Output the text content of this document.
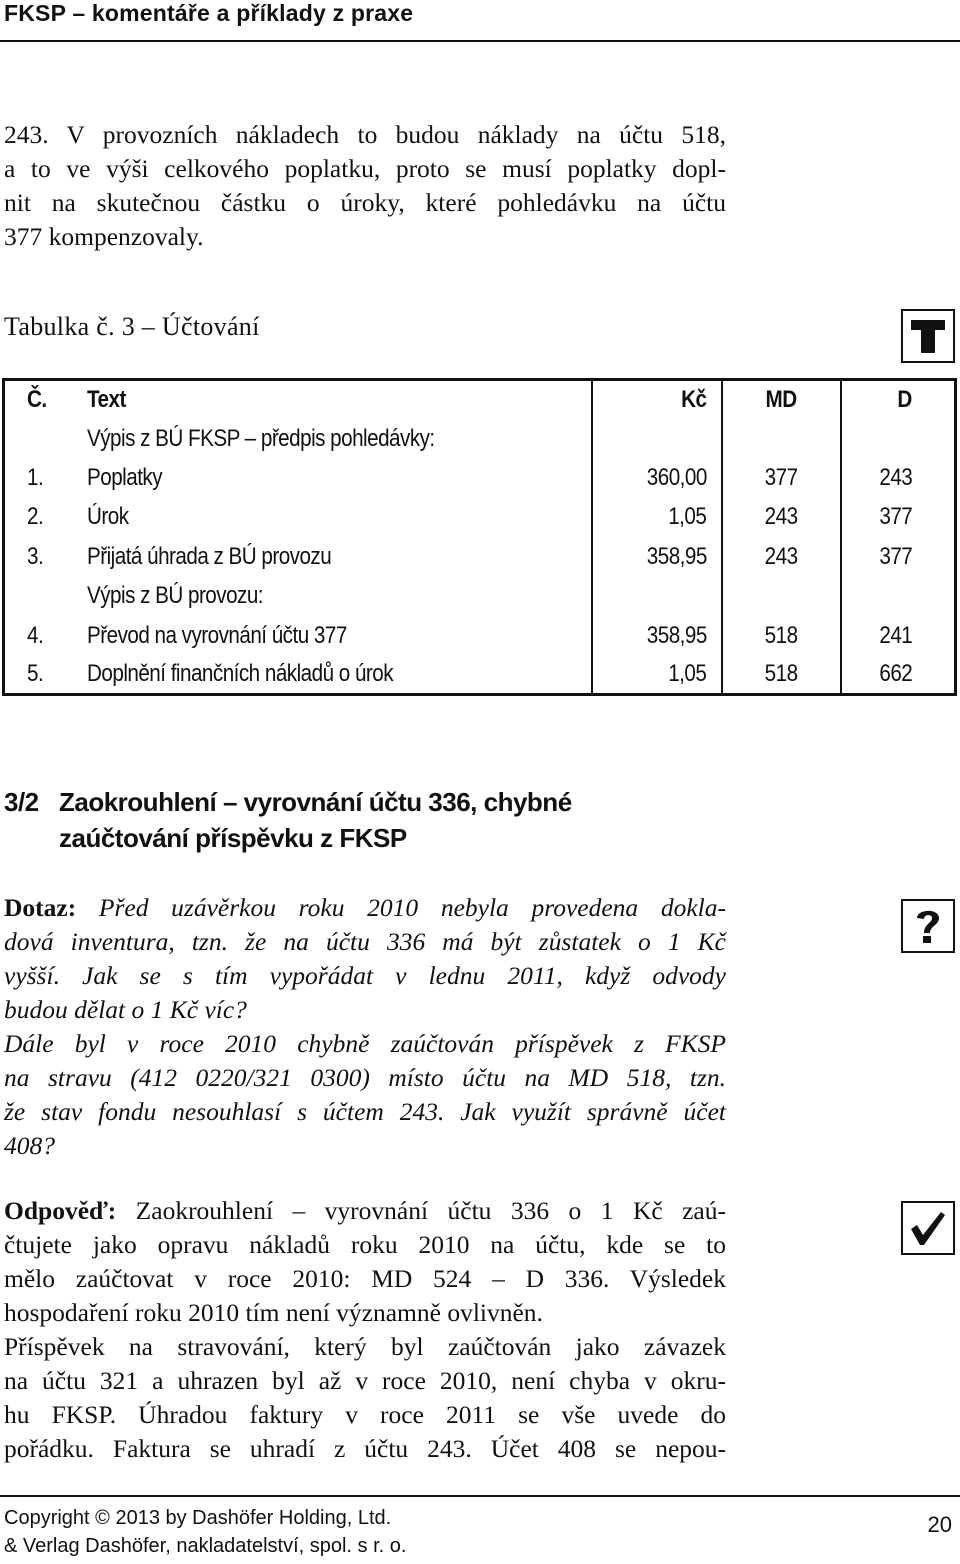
FKSP – komentáře a příklady z praxe
243. V provozních nákladech to budou náklady na účtu 518,
a to ve výši celkového poplatku, proto se musí poplatky dopl-
nit na skutečnou částku o úroky, které pohledávku na účtu
377 kompenzovaly.
Tabulka č. 3 – Účtování
Č.	Text	Kč	MD	D
	Výpis z BÚ FKSP – předpis pohledávky:			
1.	Poplatky	360,00	377	243
2.	Úrok	1,05	243	377
3.	Přijatá úhrada z BÚ provozu	358,95	243	377
	Výpis z BÚ provozu:			
4.	Převod na vyrovnání účtu 377	358,95	518	241
5.	Doplnění finančních nákladů o úrok	1,05	518	662
3/2 Zaokrouhlení – vyrovnání účtu 336, chybné
zaúčtování příspěvku z FKSP
Dotaz: Před uzávěrkou roku 2010 nebyla provedena dokla-
dová inventura, tzn. že na účtu 336 má být zůstatek o 1 Kč
vyšší. Jak se s tím vypořádat v lednu 2011, když odvody
budou dělat o 1 Kč víc?
Dále byl v roce 2010 chybně zaúčtován příspěvek z FKSP
na stravu (412 0220/321 0300) místo účtu na MD 518, tzn.
že stav fondu nesouhlasí s účtem 243. Jak využít správně účet
408?
Odpověď: Zaokrouhlení – vyrovnání účtu 336 o 1 Kč zaú-
čtujete jako opravu nákladů roku 2010 na účtu, kde se to
mělo zaúčtovat v roce 2010: MD 524 – D 336. Výsledek
hospodaření roku 2010 tím není významně ovlivněn.
Příspěvek na stravování, který byl zaúčtován jako závazek
na účtu 321 a uhrazen byl až v roce 2010, není chyba v okru-
hu FKSP. Úhradou faktury v roce 2011 se vše uvede do
pořádku. Faktura se uhradí z účtu 243. Účet 408 se nepou-
Copyright © 2013 by Dashöfer Holding, Ltd.
& Verlag Dashöfer, nakladatelství, spol. s r. o.
20
